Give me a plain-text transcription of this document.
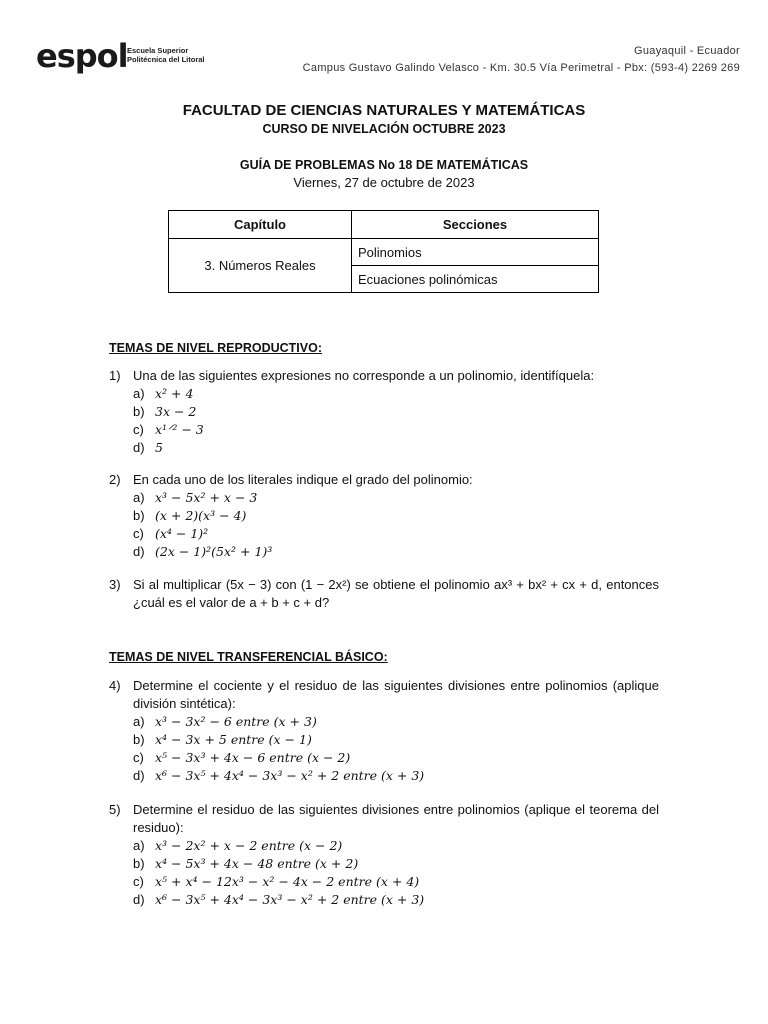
espol Escuela Superior
Politécnica del Litoral
Guayaquil - Ecuador
Campus Gustavo Galindo Velasco - Km. 30.5 Vía Perimetral - Pbx: (593-4) 2269 269
FACULTAD DE CIENCIAS NATURALES Y MATEMÁTICAS
CURSO DE NIVELACIÓN OCTUBRE 2023
GUÍA DE PROBLEMAS No 18 DE MATEMÁTICAS
Viernes, 27 de octubre de 2023
Capítulo	Secciones
3. Números Reales	Polinomios
	Ecuaciones polinómicas
TEMAS DE NIVEL REPRODUCTIVO:
1) Una de las siguientes expresiones no corresponde a un polinomio, identifíquela:
a) x² + 4
b) 3x − 2
c) x¹ᐟ² − 3
d) 5
2) En cada uno de los literales indique el grado del polinomio:
a) x³ − 5x² + x − 3
b) (x + 2)(x³ − 4)
c) (x⁴ − 1)²
d) (2x − 1)²(5x² + 1)³
3) Si al multiplicar (5x − 3) con (1 − 2x²) se obtiene el polinomio ax³ + bx² + cx + d, entonces ¿cuál es el valor de a + b + c + d?
TEMAS DE NIVEL TRANSFERENCIAL BÁSICO:
4) Determine el cociente y el residuo de las siguientes divisiones entre polinomios (aplique división sintética):
a) x³ − 3x² − 6 entre (x + 3)
b) x⁴ − 3x + 5 entre (x − 1)
c) x⁵ − 3x³ + 4x − 6 entre (x − 2)
d) x⁶ − 3x⁵ + 4x⁴ − 3x³ − x² + 2 entre (x + 3)
5) Determine el residuo de las siguientes divisiones entre polinomios (aplique el teorema del residuo):
a) x³ − 2x² + x − 2 entre (x − 2)
b) x⁴ − 5x³ + 4x − 48 entre (x + 2)
c) x⁵ + x⁴ − 12x³ − x² − 4x − 2 entre (x + 4)
d) x⁶ − 3x⁵ + 4x⁴ − 3x³ − x² + 2 entre (x + 3)
